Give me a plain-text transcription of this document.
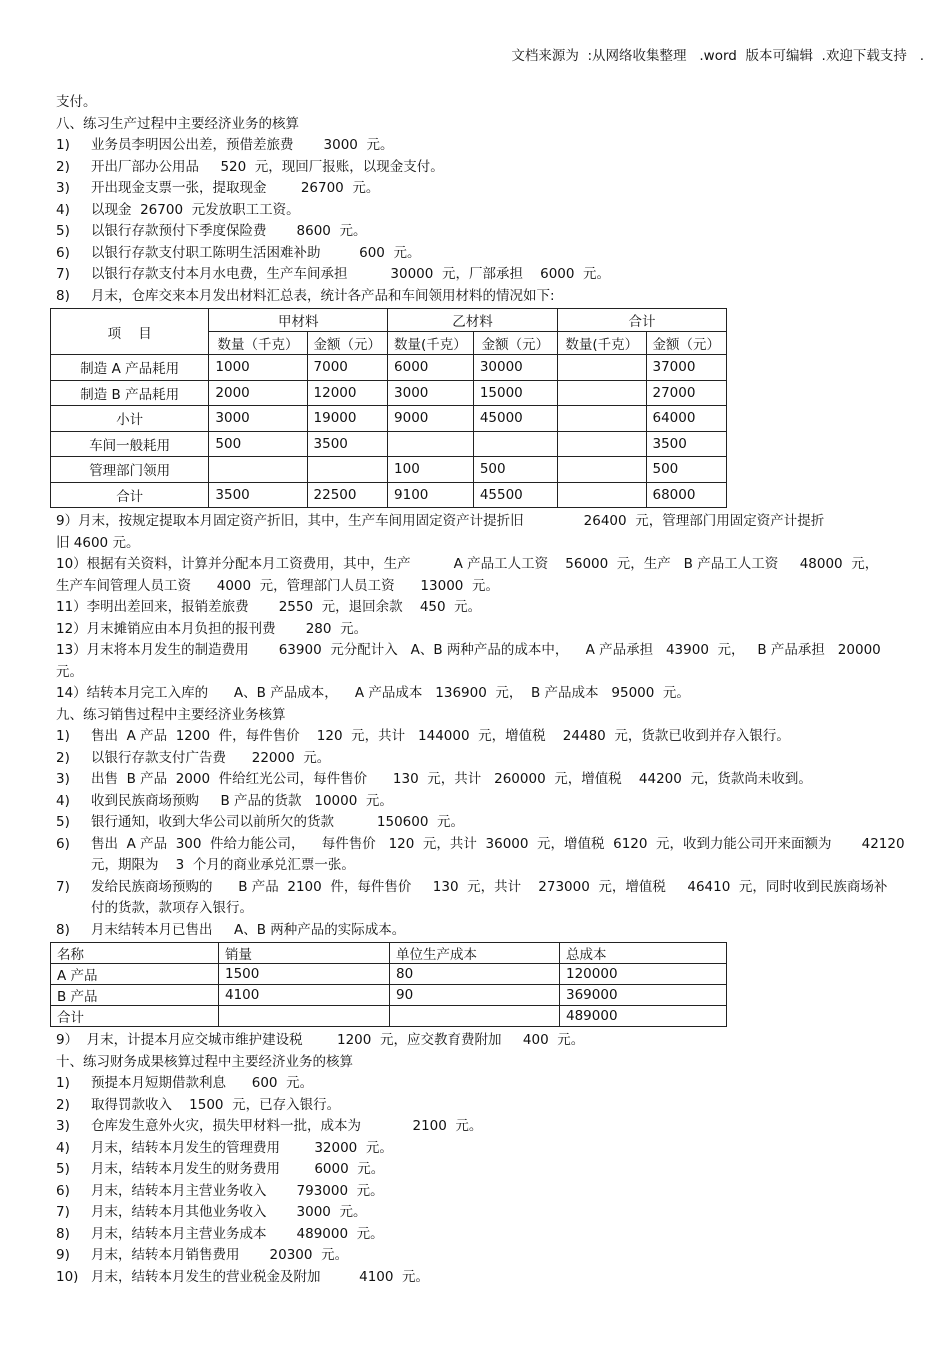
文档来源为  :从网络收集整理   .word  版本可编辑  .欢迎下载支持   .
支付。
八、练习生产过程中主要经济业务的核算
1)	业务员李明因公出差，预借差旅费       3000  元。
2)	开出厂部办公用品     520  元，现回厂报账，以现金支付。
3)	开出现金支票一张，提取现金        26700  元。
4)	以现金  26700  元发放职工工资。
5)	以银行存款预付下季度保险费       8600  元。
6)	以银行存款支付职工陈明生活困难补助         600  元。
7)	以银行存款支付本月水电费，生产车间承担          30000  元，厂部承担    6000  元。
8)	月末，仓库交来本月发出材料汇总表，统计各产品和车间领用材料的情况如下:
项    目	甲材料		乙材料		合计	
	数量（千克）	金额（元）	数量(千克）	金额（元）	数量(千克）	金额（元）
制造 A 产品耗用	1000	7000	6000	30000		37000
制造 B 产品耗用	2000	12000	3000	15000		27000
小计	3000	19000	9000	45000		64000
车间一般耗用	500	3500				3500
管理部门领用			100	500		500
合计	3500	22500	9100	45500		68000
9）月末，按规定提取本月固定资产折旧，其中，生产车间用固定资产计提折旧              26400  元，管理部门用固定资产计提折
旧 4600 元。
10）根据有关资料，计算并分配本月工资费用，其中，生产          A 产品工人工资    56000  元，生产   B 产品工人工资     48000  元，
生产车间管理人员工资      4000  元，管理部门人员工资      13000  元。
11）李明出差回来，报销差旅费       2550  元，退回余款    450  元。
12）月末摊销应由本月负担的报刊费       280  元。
13）月末将本月发生的制造费用       63900  元分配计入   A、B 两种产品的成本中，    A 产品承担   43900  元，   B 产品承担   20000
元。
14）结转本月完工入库的      A、B 产品成本，    A 产品成本   136900  元，  B 产品成本   95000  元。
九、练习销售过程中主要经济业务核算
1)	售出  A 产品  1200  件，每件售价    120  元，共计   144000  元，增值税    24480  元，货款已收到并存入银行。
2)	以银行存款支付广告费      22000  元。
3)	出售  B 产品  2000  件给红光公司，每件售价      130  元，共计   260000  元，增值税    44200  元，货款尚未收到。
4)	收到民族商场预购     B 产品的货款   10000  元。
5)	银行通知，收到大华公司以前所欠的货款          150600  元。
6)	售出  A 产品  300  件给力能公司，    每件售价   120  元，共计  36000  元，增值税  6120  元，收到力能公司开来面额为       42120
元，期限为    3  个月的商业承兑汇票一张。
7)	发给民族商场预购的      B 产品  2100  件，每件售价     130  元，共计    273000  元，增值税     46410  元，同时收到民族商场补
付的货款，款项存入银行。
8)	月末结转本月已售出     A、B 两种产品的实际成本。
名称	销量	单位生产成本	总成本
A 产品	1500	80	120000
B 产品	4100	90	369000
合计			489000
9）  月末，计提本月应交城市维护建设税        1200  元，应交教育费附加     400  元。
十、练习财务成果核算过程中主要经济业务的核算
1)	预提本月短期借款利息      600  元。
2)	取得罚款收入    1500  元，已存入银行。
3)	仓库发生意外火灾，损失甲材料一批，成本为            2100  元。
4)	月末，结转本月发生的管理费用        32000  元。
5)	月末，结转本月发生的财务费用        6000  元。
6)	月末，结转本月主营业务收入       793000  元。
7)	月末，结转本月其他业务收入       3000  元。
8)	月末，结转本月主营业务成本       489000  元。
9)	月末，结转本月销售费用       20300  元。
10) 月末，结转本月发生的营业税金及附加         4100  元。
